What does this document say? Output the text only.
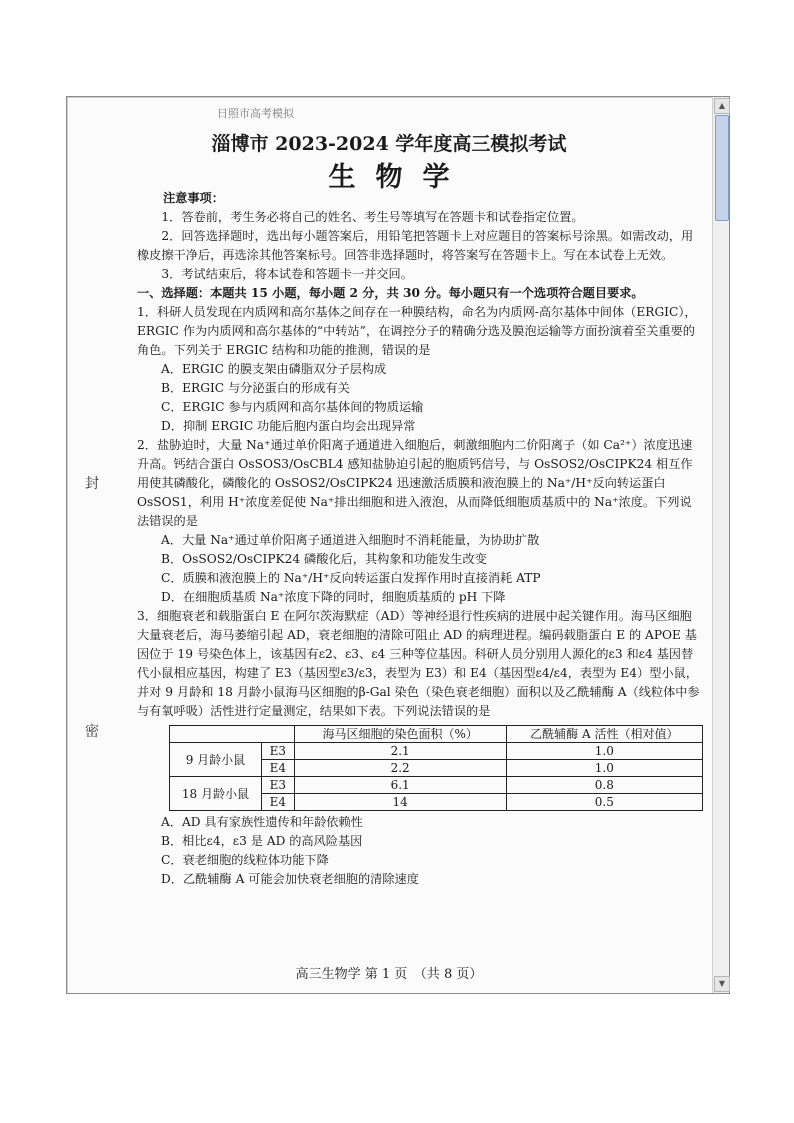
日照市高考模拟
封
密
淄博市 2023-2024 学年度高三模拟考试
生物学

注意事项：

1．答卷前，考生务必将自己的姓名、考生号等填写在答题卡和试卷指定位置。

2．回答选择题时，选出每小题答案后，用铅笔把答题卡上对应题目的答案标号涂黑。如需改动，用橡皮擦干净后，再选涂其他答案标号。回答非选择题时，将答案写在答题卡上。写在本试卷上无效。

3．考试结束后，将本试卷和答题卡一并交回。

一、选择题：本题共 15 小题，每小题 2 分，共 30 分。每小题只有一个选项符合题目要求。

1．科研人员发现在内质网和高尔基体之间存在一种膜结构，命名为内质网-高尔基体中间体（ERGIC），ERGIC 作为内质网和高尔基体的“中转站”，在调控分子的精确分选及膜泡运输等方面扮演着至关重要的角色。下列关于 ERGIC 结构和功能的推测，错误的是

A．ERGIC 的膜支架由磷脂双分子层构成

B．ERGIC 与分泌蛋白的形成有关

C．ERGIC 参与内质网和高尔基体间的物质运输

D．抑制 ERGIC 功能后胞内蛋白均会出现异常

2．盐胁迫时，大量 Na⁺通过单价阳离子通道进入细胞后，刺激细胞内二价阳离子（如 Ca²⁺）浓度迅速升高。钙结合蛋白 OsSOS3/OsCBL4 感知盐胁迫引起的胞质钙信号，与 OsSOS2/OsCIPK24 相互作用使其磷酸化，磷酸化的 OsSOS2/OsCIPK24 迅速激活质膜和液泡膜上的 Na⁺/H⁺反向转运蛋白 OsSOS1，利用 H⁺浓度差促使 Na⁺排出细胞和进入液泡，从而降低细胞质基质中的 Na⁺浓度。下列说法错误的是

A．大量 Na⁺通过单价阳离子通道进入细胞时不消耗能量，为协助扩散

B．OsSOS2/OsCIPK24 磷酸化后，其构象和功能发生改变

C．质膜和液泡膜上的 Na⁺/H⁺反向转运蛋白发挥作用时直接消耗 ATP

D．在细胞质基质 Na⁺浓度下降的同时，细胞质基质的 pH 下降

3．细胞衰老和载脂蛋白 E 在阿尔茨海默症（AD）等神经退行性疾病的进展中起关键作用。海马区细胞大量衰老后，海马萎缩引起 AD，衰老细胞的清除可阻止 AD 的病理进程。编码载脂蛋白 E 的 APOE 基因位于 19 号染色体上，该基因有ε2、ε3、ε4 三种等位基因。科研人员分别用人源化的ε3 和ε4 基因替代小鼠相应基因，构建了 E3（基因型ε3/ε3，表型为 E3）和 E4（基因型ε4/ε4，表型为 E4）型小鼠，并对 9 月龄和 18 月龄小鼠海马区细胞的β-Gal 染色（染色衰老细胞）面积以及乙酰辅酶 A（线粒体中参与有氧呼吸）活性进行定量测定，结果如下表。下列说法错误的是

		海马区细胞的染色面积（%）	乙酰辅酶 A 活性（相对值）
9 月龄小鼠	E3	2.1	1.0
	E4	2.2	1.0
18 月龄小鼠	E3	6.1	0.8
	E4	14	0.5

A．AD 具有家族性遗传和年龄依赖性

B．相比ε4，ε3 是 AD 的高风险基因

C．衰老细胞的线粒体功能下降

D．乙酰辅酶 A 可能会加快衰老细胞的清除速度

高三生物学 第 1 页　（共 8 页）
▲
▼
